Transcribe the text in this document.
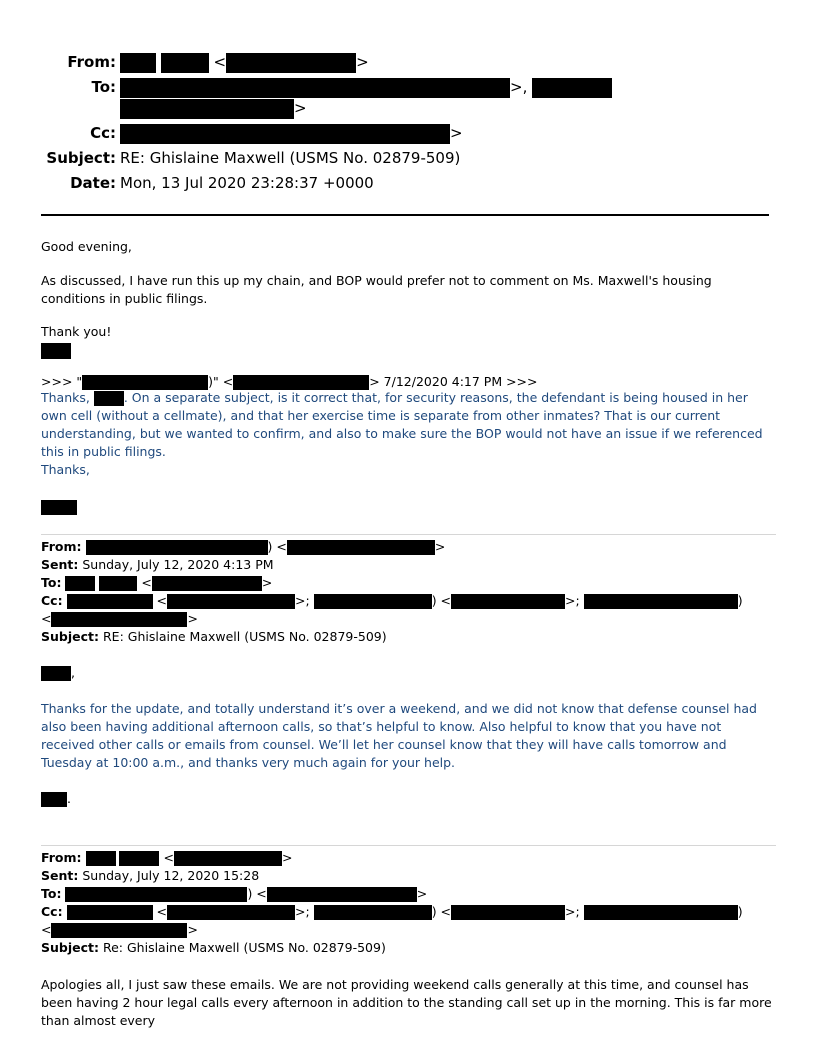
From:	<	>
To:	>,
>
Cc:	>
Subject: RE: Ghislaine Maxwell (USMS No. 02879-509)
Date: Mon, 13 Jul 2020 23:28:37 +0000
Good evening,
As discussed, I have run this up my chain, and BOP would prefer not to comment on Ms. Maxwell's housing conditions in public filings.
Thank you!
>>> "	)" <	> 7/12/2020 4:17 PM >>>
Thanks, . On a separate subject, is it correct that, for security reasons, the defendant is being housed in her own cell (without a cellmate), and that her exercise time is separate from other inmates? That is our current understanding, but we wanted to confirm, and also to make sure the BOP would not have an issue if we referenced this in public filings.
Thanks,
From:	) <	>
Sent: Sunday, July 12, 2020 4:13 PM
To:	<	>
Cc:	<	>;	) <	>;	)
<	>
Subject: RE: Ghislaine Maxwell (USMS No. 02879-509)
,
Thanks for the update, and totally understand it’s over a weekend, and we did not know that defense counsel had also been having additional afternoon calls, so that’s helpful to know. Also helpful to know that you have not received other calls or emails from counsel. We’ll let her counsel know that they will have calls tomorrow and Tuesday at 10:00 a.m., and thanks very much again for your help.
.
From:	<	>
Sent: Sunday, July 12, 2020 15:28
To:	) <	>
Cc:	<	>;	) <	>;	)
<	>
Subject: Re: Ghislaine Maxwell (USMS No. 02879-509)
Apologies all, I just saw these emails. We are not providing weekend calls generally at this time, and counsel has been having 2 hour legal calls every afternoon in addition to the standing call set up in the morning. This is far more than almost every
